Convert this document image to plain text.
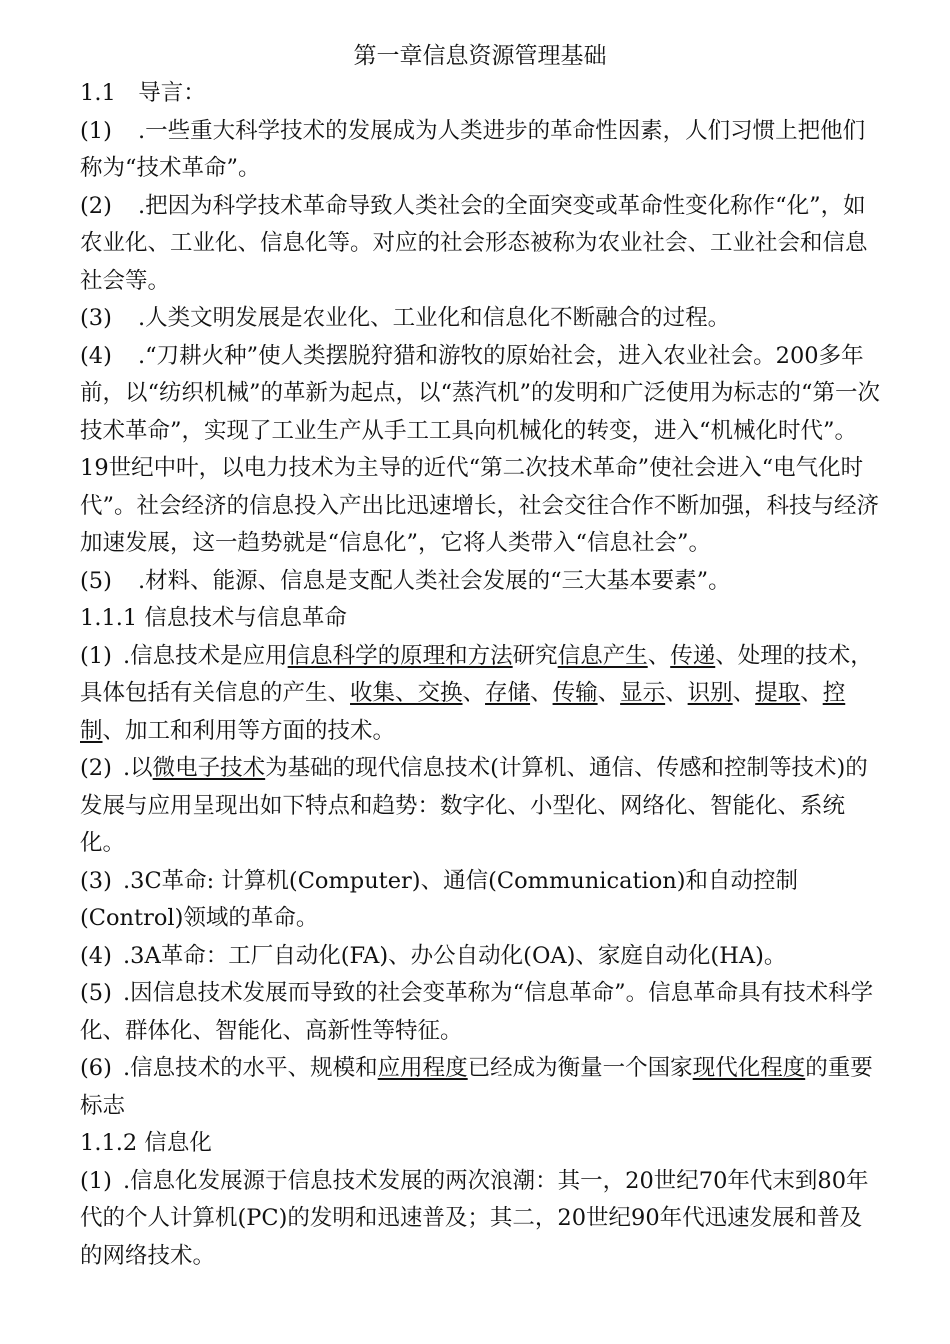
第一章信息资源管理基础

1.1　导言：

(1) .一些重大科学技术的发展成为人类进步的革命性因素，人们习惯上把他们称为“技术革命”。

(2) .把因为科学技术革命导致人类社会的全面突变或革命性变化称作“化”，如农业化、工业化、信息化等。对应的社会形态被称为农业社会、工业社会和信息社会等。

(3) .人类文明发展是农业化、工业化和信息化不断融合的过程。

(4) .“刀耕火种”使人类摆脱狩猎和游牧的原始社会，进入农业社会。200多年前，以“纺织机械”的革新为起点，以“蒸汽机”的发明和广泛使用为标志的“第一次技术革命”，实现了工业生产从手工工具向机械化的转变，进入“机械化时代”。19世纪中叶，以电力技术为主导的近代“第二次技术革命”使社会进入“电气化时代”。社会经济的信息投入产出比迅速增长，社会交往合作不断加强，科技与经济加速发展，这一趋势就是“信息化”，它将人类带入“信息社会”。

(5) .材料、能源、信息是支配人类社会发展的“三大基本要素”。

1.1.1 信息技术与信息革命

(1) .信息技术是应用信息科学的原理和方法研究信息产生、传递、处理的技术，具体包括有关信息的产生、收集、交换、存储、传输、显示、识别、提取、控制、加工和利用等方面的技术。

(2) .以微电子技术为基础的现代信息技术(计算机、通信、传感和控制等技术)的发展与应用呈现出如下特点和趋势：数字化、小型化、网络化、智能化、系统化。

(3) .3C革命: 计算机(Computer)、通信(Communication)和自动控制(Control)领域的革命。

(4) .3A革命：工厂自动化(FA)、办公自动化(OA)、家庭自动化(HA)。

(5) .因信息技术发展而导致的社会变革称为“信息革命”。信息革命具有技术科学化、群体化、智能化、高新性等特征。

(6) .信息技术的水平、规模和应用程度已经成为衡量一个国家现代化程度的重要标志

1.1.2 信息化

(1) .信息化发展源于信息技术发展的两次浪潮：其一，20世纪70年代末到80年代的个人计算机(PC)的发明和迅速普及；其二，20世纪90年代迅速发展和普及的网络技术。
